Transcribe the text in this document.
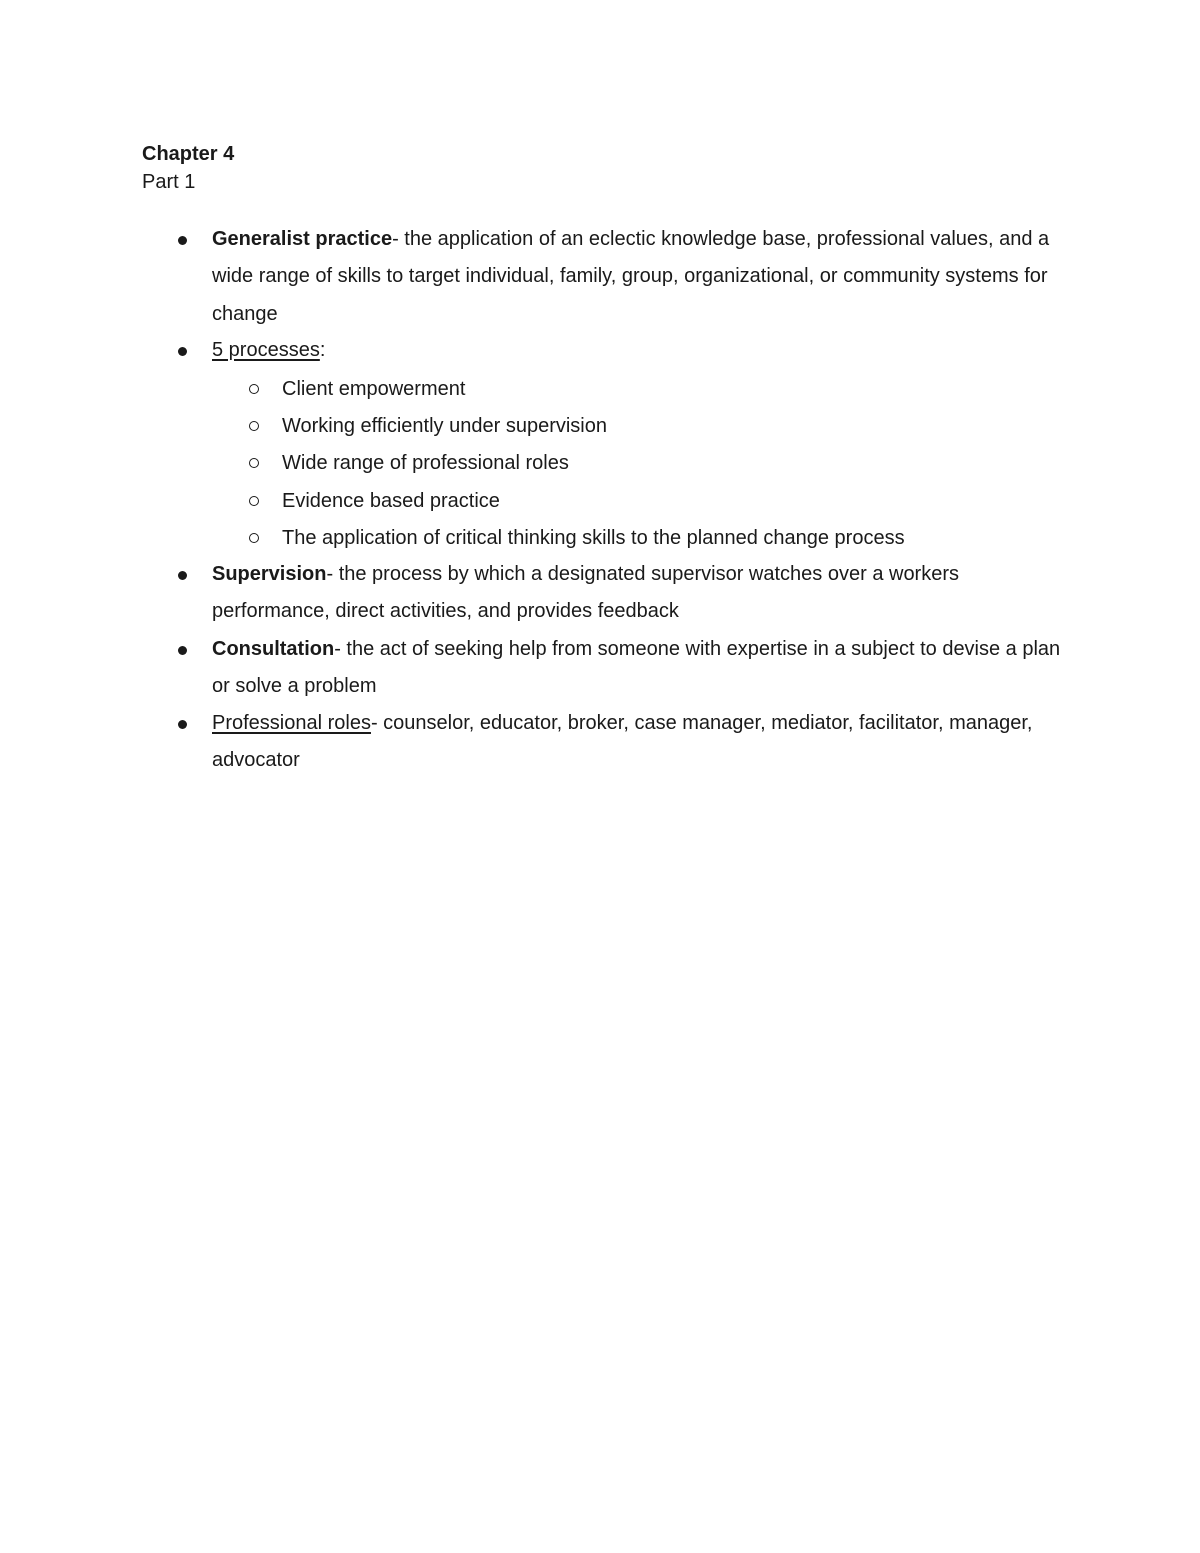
Chapter 4
Part 1
Generalist practice- the application of an eclectic knowledge base, professional values, and a wide range of skills to target individual, family, group, organizational, or community systems for change
5 processes:
Client empowerment
Working efficiently under supervision
Wide range of professional roles
Evidence based practice
The application of critical thinking skills to the planned change process
Supervision- the process by which a designated supervisor watches over a workers performance, direct activities, and provides feedback
Consultation- the act of seeking help from someone with expertise in a subject to devise a plan or solve a problem
Professional roles- counselor, educator, broker, case manager, mediator, facilitator, manager, advocator
